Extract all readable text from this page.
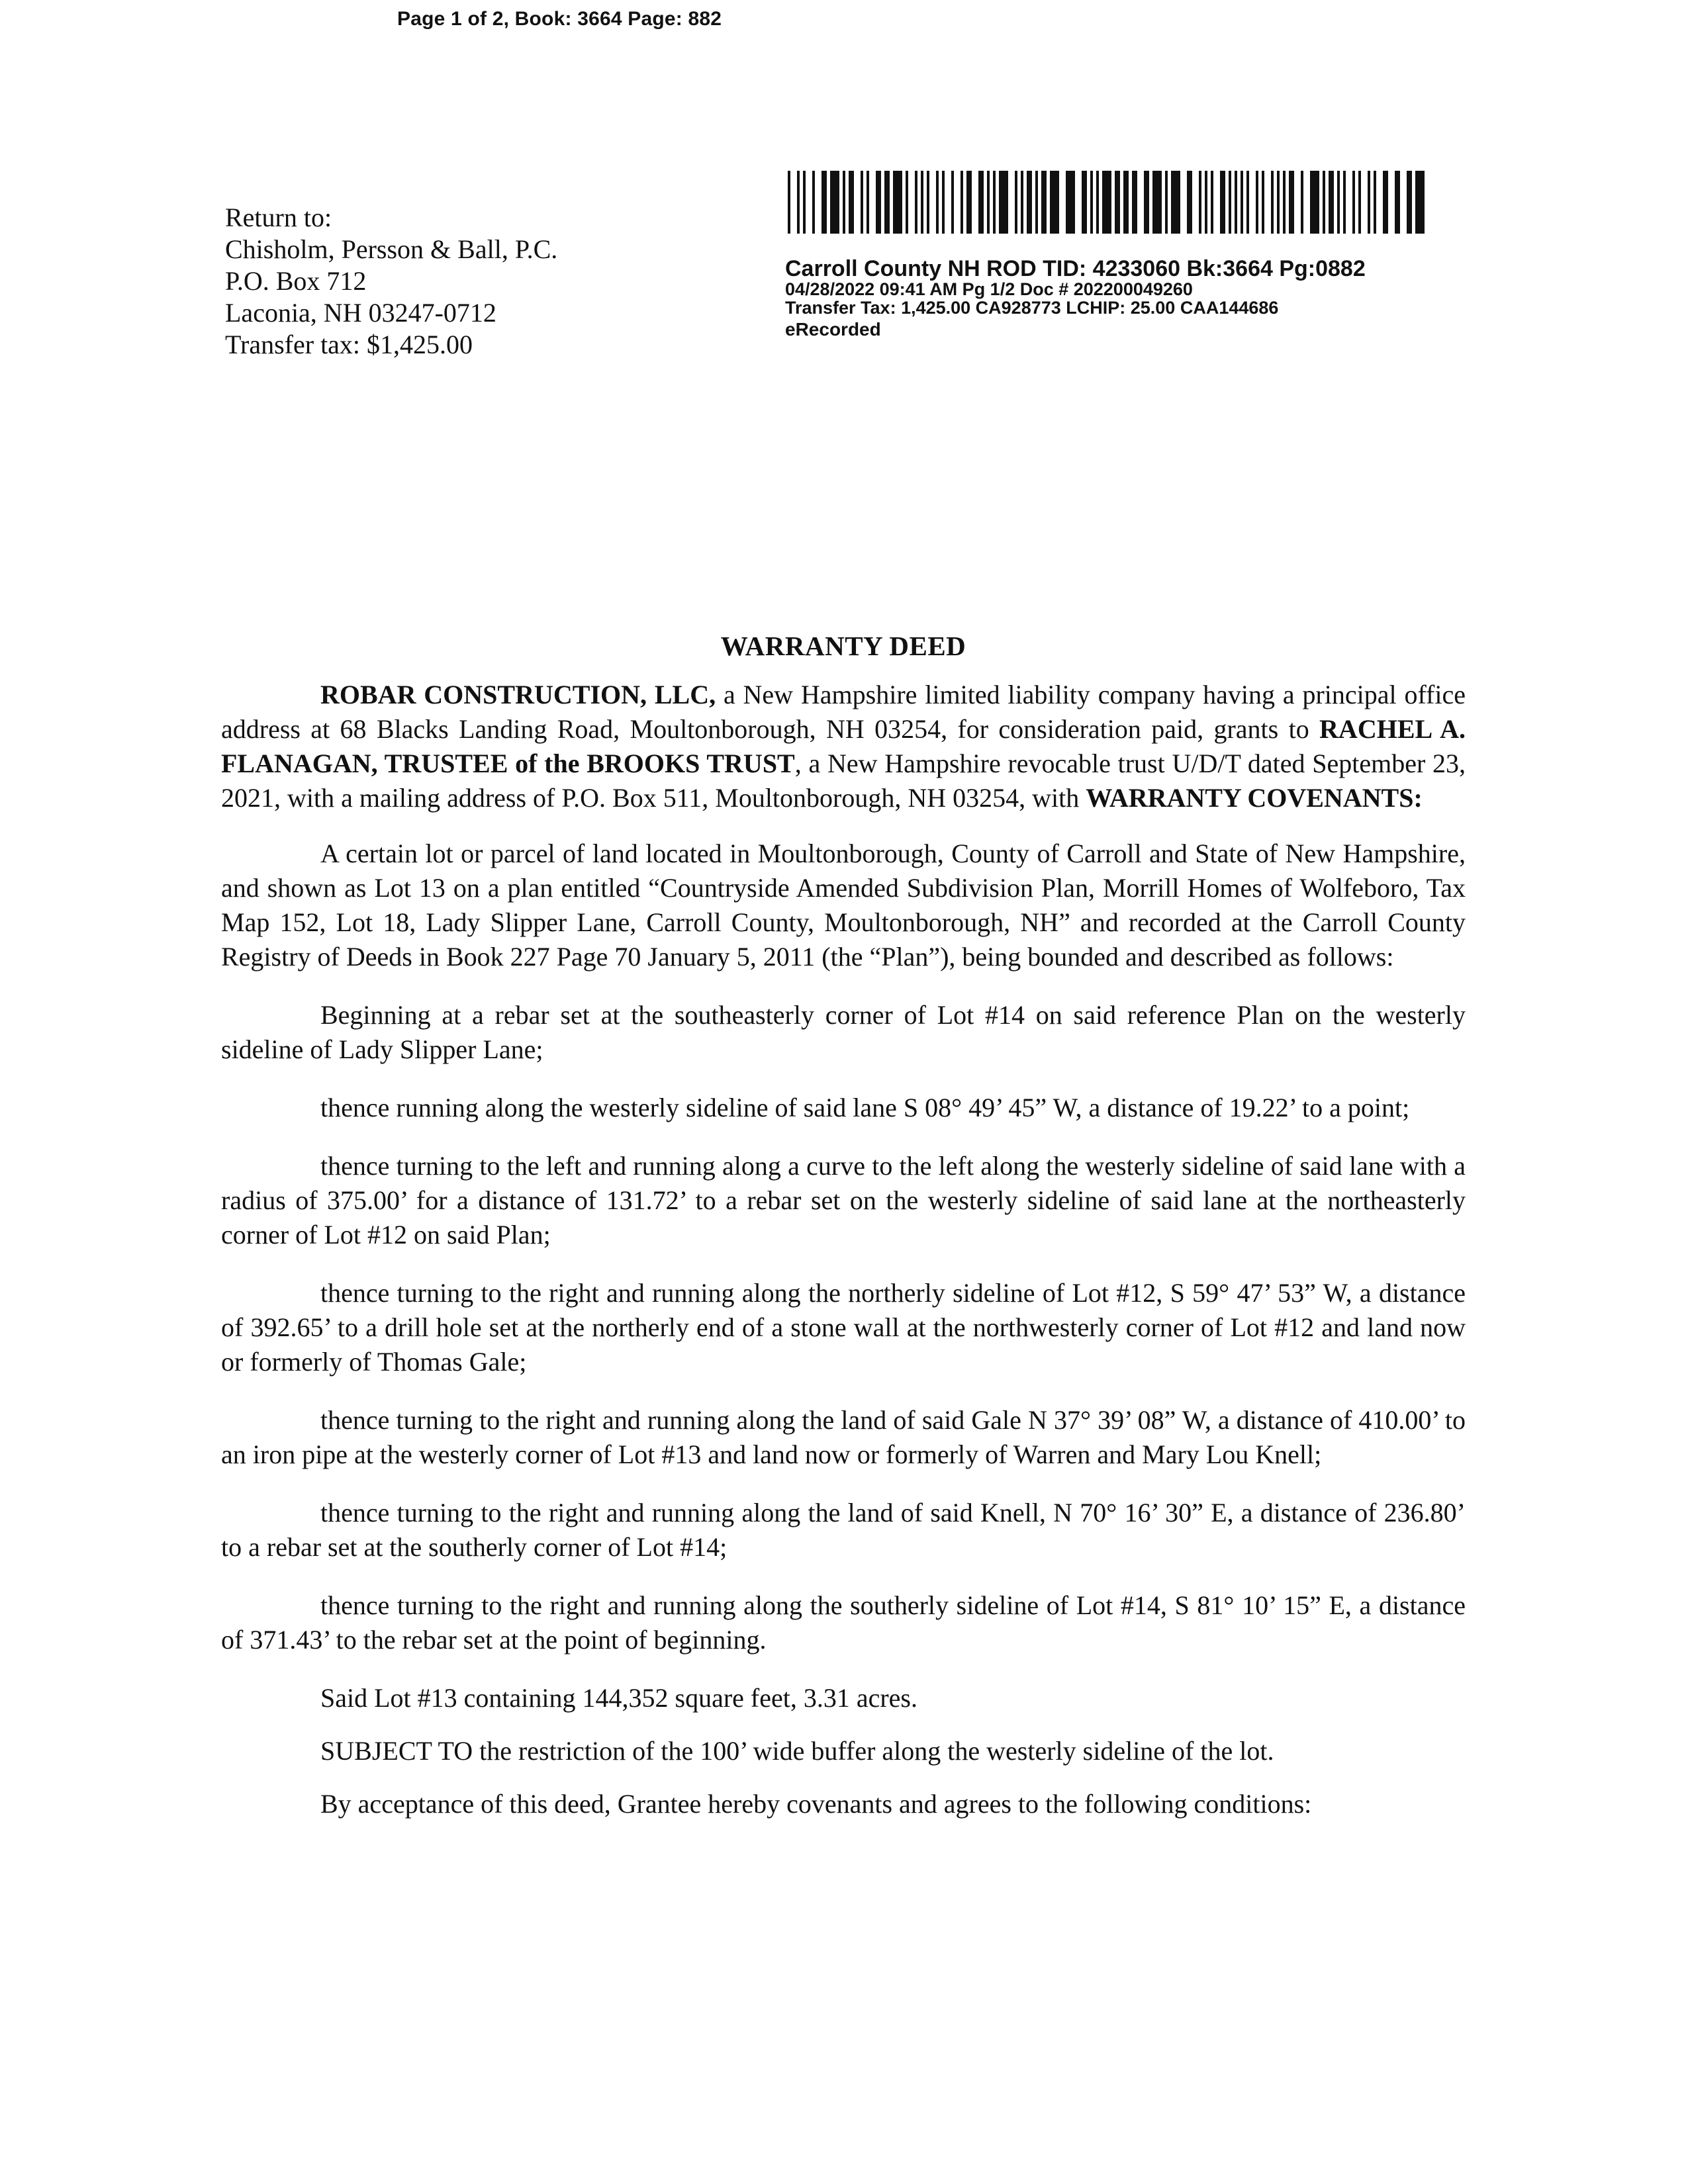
Page 1 of 2, Book: 3664 Page: 882
Return to:
Chisholm, Persson & Ball, P.C.
P.O. Box 712
Laconia, NH 03247-0712
Transfer tax: $1,425.00
Carroll County NH ROD TID: 4233060 Bk:3664 Pg:0882
04/28/2022 09:41 AM Pg 1/2 Doc # 202200049260
Transfer Tax: 1,425.00 CA928773 LCHIP: 25.00 CAA144686
eRecorded
WARRANTY DEED
ROBAR CONSTRUCTION, LLC, a New Hampshire limited liability company having a principal office address at 68 Blacks Landing Road, Moultonborough, NH 03254, for consideration paid, grants to RACHEL A. FLANAGAN, TRUSTEE of the BROOKS TRUST, a New Hampshire revocable trust U/D/T dated September 23, 2021, with a mailing address of P.O. Box 511, Moultonborough, NH 03254, with WARRANTY COVENANTS:
A certain lot or parcel of land located in Moultonborough, County of Carroll and State of New Hampshire, and shown as Lot 13 on a plan entitled “Countryside Amended Subdivision Plan, Morrill Homes of Wolfeboro, Tax Map 152, Lot 18, Lady Slipper Lane, Carroll County, Moultonborough, NH” and recorded at the Carroll County Registry of Deeds in Book 227 Page 70 January 5, 2011 (the “Plan”), being bounded and described as follows:
Beginning at a rebar set at the southeasterly corner of Lot #14 on said reference Plan on the westerly sideline of Lady Slipper Lane;
thence running along the westerly sideline of said lane S 08° 49’ 45” W, a distance of 19.22’ to a point;
thence turning to the left and running along a curve to the left along the westerly sideline of said lane with a radius of 375.00’ for a distance of 131.72’ to a rebar set on the westerly sideline of said lane at the northeasterly corner of Lot #12 on said Plan;
thence turning to the right and running along the northerly sideline of Lot #12, S 59° 47’ 53” W, a distance of 392.65’ to a drill hole set at the northerly end of a stone wall at the northwesterly corner of Lot #12 and land now or formerly of Thomas Gale;
thence turning to the right and running along the land of said Gale N 37° 39’ 08” W, a distance of 410.00’ to an iron pipe at the westerly corner of Lot #13 and land now or formerly of Warren and Mary Lou Knell;
thence turning to the right and running along the land of said Knell, N 70° 16’ 30” E, a distance of 236.80’ to a rebar set at the southerly corner of Lot #14;
thence turning to the right and running along the southerly sideline of Lot #14, S 81° 10’ 15” E, a distance of 371.43’ to the rebar set at the point of beginning.
Said Lot #13 containing 144,352 square feet, 3.31 acres.
SUBJECT TO the restriction of the 100’ wide buffer along the westerly sideline of the lot.
By acceptance of this deed, Grantee hereby covenants and agrees to the following conditions:
